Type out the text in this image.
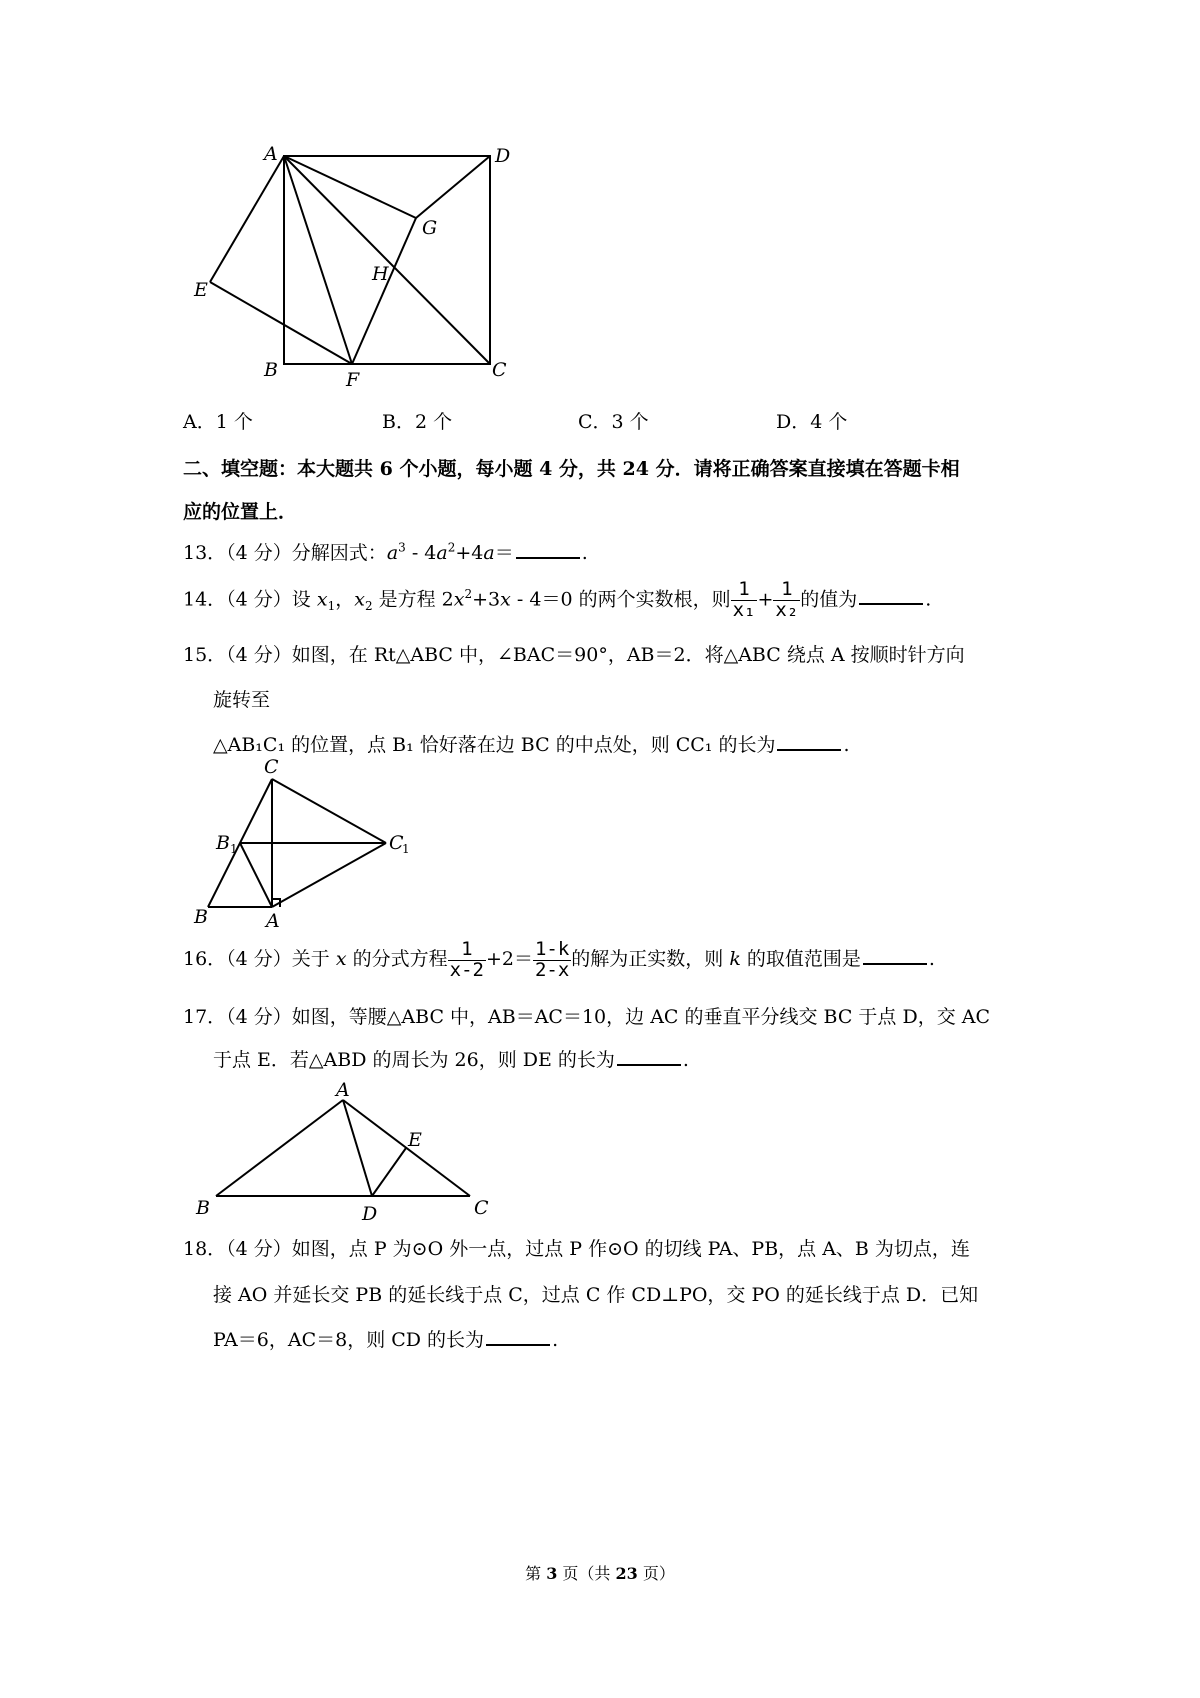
A	D
G
H
E
B	F	C
A．1 个	B．2 个	C．3 个	D．4 个
二、填空题：本大题共 6 个小题，每小题 4 分，共 24 分．请将正确答案直接填在答题卡相
应的位置上．
13．（4 分）分解因式：$a^3 - 4a^2+4a=$	.
14．（4 分）设 $x_1$，$x_2$ 是方程 $2x^2+3x - 4=0$ 的两个实数根，则 $\frac{1}{\text{x₁}} + \frac{1}{\text{x₂}}$ 的值为	.
15．（4 分）如图，在 Rt△ABC 中，∠BAC＝90°，AB＝2．将△ABC 绕点 A 按顺时针方向
旋转至
△AB₁C₁ 的位置，点 B₁ 恰好落在边 BC 的中点处，则 CC₁ 的长为	.
C
B 1	C
1
B	A
16．（4 分）关于 x 的分式方程 $\frac{1}{x-2} +2= \frac{1-k}{2-x}$ 的解为正实数，则 k 的取值范围是	.
17．（4 分）如图，等腰△ABC 中，AB＝AC＝10，边 AC 的垂直平分线交 BC 于点 D，交 AC
于点 E．若△ABD 的周长为 26，则 DE 的长为	.
A
E
B	D	C
18．（4 分）如图，点 P 为⊙O 外一点，过点 P 作⊙O 的切线 PA、PB，点 A、B 为切点，连
接 AO 并延长交 PB 的延长线于点 C，过点 C 作 CD⊥PO，交 PO 的延长线于点 D．已知
PA＝6，AC＝8，则 CD 的长为	.
第 3 页（共 23 页）
